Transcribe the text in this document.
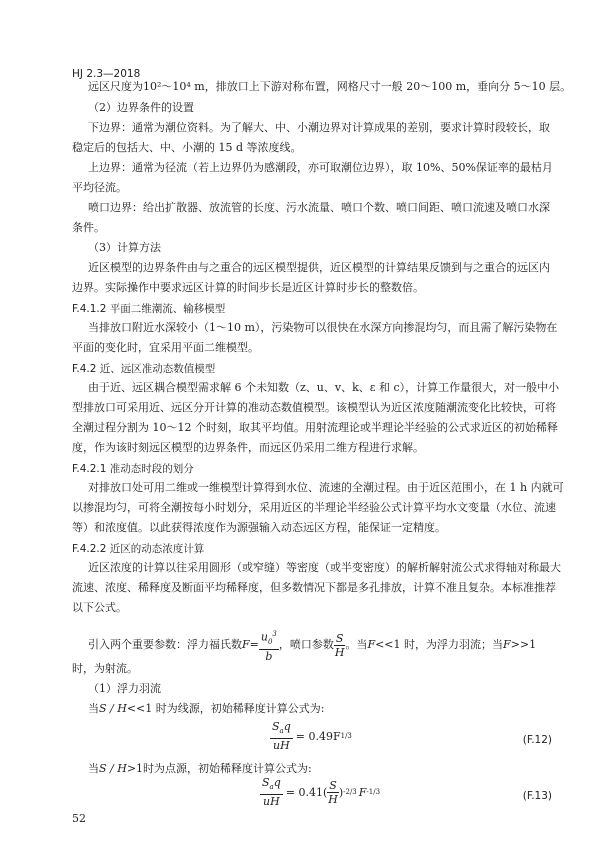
HJ 2.3—2018
远区尺度为10²～10⁴ m，排放口上下游对称布置，网格尺寸一般 20～100 m，垂向分 5～10 层。
（2）边界条件的设置
下边界：通常为潮位资料。为了解大、中、小潮边界对计算成果的差别，要求计算时段较长，取
稳定后的包括大、中、小潮的 15 d 等浓度线。
上边界：通常为径流（若上边界仍为感潮段，亦可取潮位边界），取 10%、50%保证率的最枯月
平均径流。
喷口边界：给出扩散器、放流管的长度、污水流量、喷口个数、喷口间距、喷口流速及喷口水深
条件。
（3）计算方法
近区模型的边界条件由与之重合的远区模型提供，近区模型的计算结果反馈到与之重合的远区内
边界。实际操作中要求远区计算的时间步长是近区计算时步长的整数倍。
F.4.1.2 平面二维潮流、输移模型
当排放口附近水深较小（1～10 m），污染物可以很快在水深方向掺混均匀，而且需了解污染物在
平面的变化时，宜采用平面二维模型。
F.4.2 近、远区准动态数值模型
由于近、远区耦合模型需求解 6 个未知数（z、u、v、k、ε 和 c），计算工作量很大，对一般中小
型排放口可采用近、远区分开计算的准动态数值模型。该模型认为近区浓度随潮流变化比较快，可将
全潮过程分割为 10～12 个时刻，取其平均值。用射流理论或半理论半经验的公式求近区的初始稀释
度，作为该时刻远区模型的边界条件，而远区仍采用二维方程进行求解。
F.4.2.1 准动态时段的划分
对排放口处可用二维或一维模型计算得到水位、流速的全潮过程。由于近区范围小，在 1 h 内就可
以掺混均匀，可将全潮按每小时划分，采用近区的半理论半经验公式计算平均水文变量（水位、流速
等）和浓度值。以此获得浓度作为源强输入动态远区方程，能保证一定精度。
F.4.2.2 近区的动态浓度计算
近区浓度的计算以往采用圆形（或窄缝）等密度（或半变密度）的解析解射流公式求得轴对称最大
流速、浓度、稀释度及断面平均稀释度，但多数情况下都是多孔排放，计算不准且复杂。本标准推荐
以下公式。
引入两个重要参数：浮力福氏数 $F = \frac{u_0^3}{b}$ ，喷口参数 $\frac{S}{H}$ 。当 F <<1 时，为浮力羽流；当 F >>1
时，为射流。
（1）浮力羽流
当S / H<<1 时为线源，初始稀释度计算公式为:
$\frac{S_aq}{uH} = 0.49F$ 1/3	(F.12)
当S / H>1时为点源，初始稀释度计算公式为:
$\frac{S_aq}{uH} = 0.41( \frac{S}{H}$ ) -2/3 F -1/3	(F.13)
52
